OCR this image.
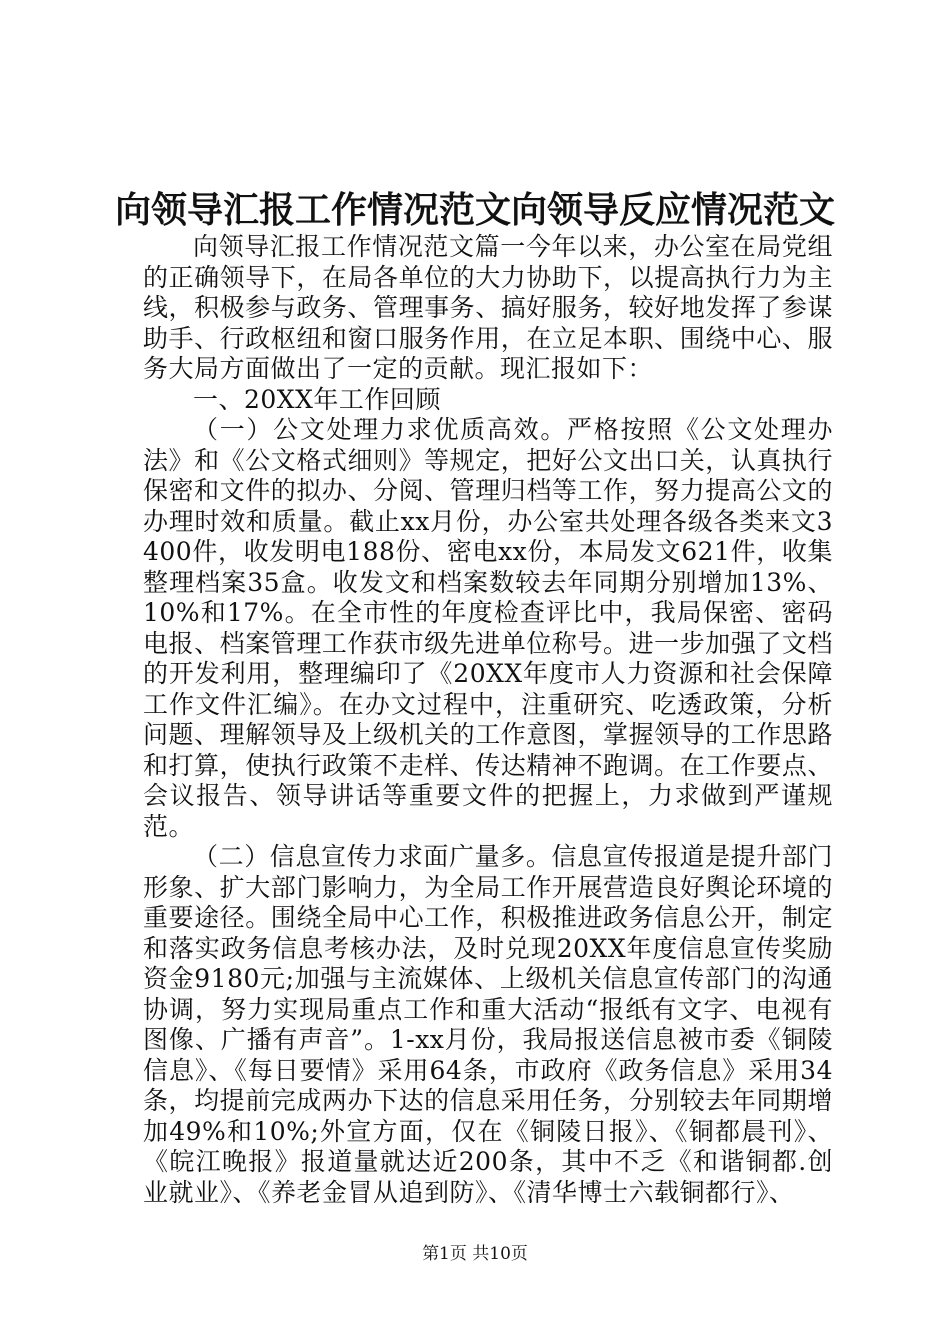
向领导汇报工作情况范文向领导反应情况范文

向领导汇报工作情况范文篇一今年以来，办公室在局党组的正确领导下，在局各单位的大力协助下，以提高执行力为主线，积极参与政务、管理事务、搞好服务，较好地发挥了参谋助手、行政枢纽和窗口服务作用，在立足本职、围绕中心、服务大局方面做出了一定的贡献。现汇报如下：

一、20XX年工作回顾

（一）公文处理力求优质高效。严格按照《公文处理办法》和《公文格式细则》等规定，把好公文出口关，认真执行保密和文件的拟办、分阅、管理归档等工作，努力提高公文的办理时效和质量。截止xx月份，办公室共处理各级各类来文3400件，收发明电188份、密电xx份，本局发文621件，收集整理档案35盒。收发文和档案数较去年同期分别增加13%、10%和17%。在全市性的年度检查评比中，我局保密、密码电报、档案管理工作获市级先进单位称号。进一步加强了文档的开发利用，整理编印了《20XX年度市人力资源和社会保障工作文件汇编》。在办文过程中，注重研究、吃透政策，分析问题、理解领导及上级机关的工作意图，掌握领导的工作思路和打算，使执行政策不走样、传达精神不跑调。在工作要点、会议报告、领导讲话等重要文件的把握上，力求做到严谨规范。

（二）信息宣传力求面广量多。信息宣传报道是提升部门形象、扩大部门影响力，为全局工作开展营造良好舆论环境的重要途径。围绕全局中心工作，积极推进政务信息公开，制定和落实政务信息考核办法，及时兑现20XX年度信息宣传奖励资金9180元;加强与主流媒体、上级机关信息宣传部门的沟通协调，努力实现局重点工作和重大活动“报纸有文字、电视有图像、广播有声音”。1-xx月份，我局报送信息被市委《铜陵信息》、《每日要情》采用64条，市政府《政务信息》采用34条，均提前完成两办下达的信息采用任务，分别较去年同期增加49%和10%;外宣方面，仅在《铜陵日报》、《铜都晨刊》、《皖江晚报》报道量就达近200条，其中不乏《和谐铜都.创业就业》、《养老金冒从追到防》、《清华博士六载铜都行》、

第1页 共10页
